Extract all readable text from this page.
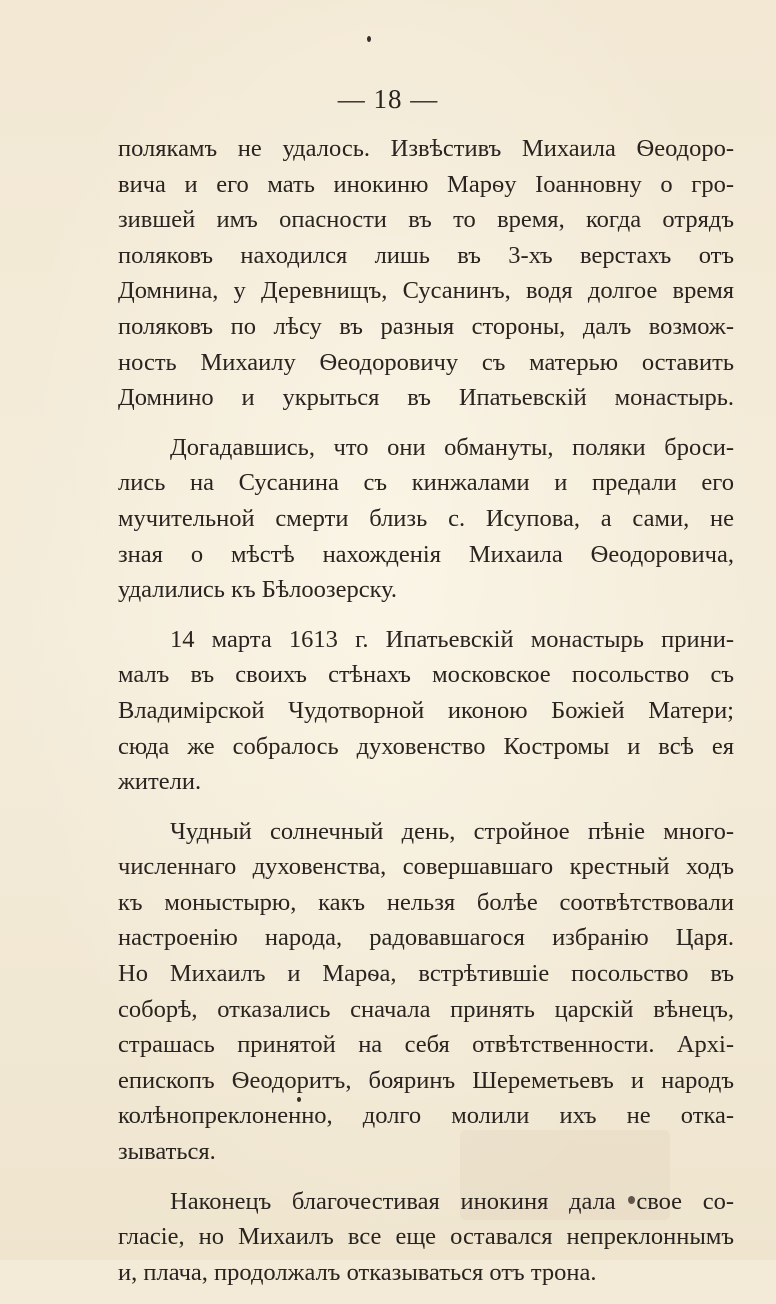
— 18 —

полякамъ не удалось. Извѣстивъ Михаила Ѳеодоро-
вича и его мать инокиню Марѳу Іоанновну о гро-
зившей имъ опасности въ то время, когда отрядъ
поляковъ находился лишь въ 3-хъ верстахъ отъ
Домнина, у Деревнищъ, Сусанинъ, водя долгое время
поляковъ по лѣсу въ разныя стороны, далъ возмож-
ность Михаилу Ѳеодоровичу съ матерью оставить
Домнино и укрыться въ Ипатьевскій монастырь.

Догадавшись, что они обмануты, поляки броси-
лись на Сусанина съ кинжалами и предали его
мучительной смерти близь с. Исупова, а сами, не
зная о мѣстѣ нахожденія Михаила Ѳеодоровича,
удалились къ Бѣлоозерску.

14 марта 1613 г. Ипатьевскій монастырь прини-
малъ въ своихъ стѣнахъ московское посольство съ
Владимірской Чудотворной иконою Божіей Матери;
сюда же собралось духовенство Костромы и всѣ ея
жители.

Чудный солнечный день, стройное пѣніе много-
численнаго духовенства, совершавшаго крестный ходъ
къ моныстырю, какъ нельзя болѣе соотвѣтствовали
настроенію народа, радовавшагося избранію Царя.
Но Михаилъ и Марѳа, встрѣтившіе посольство въ
соборѣ, отказались сначала принять царскій вѣнецъ,
страшась принятой на себя отвѣтственности. Архі-
епископъ Ѳеодоритъ, бояринъ Шереметьевъ и народъ
колѣнопреклоненно, долго молили ихъ не отка-
зываться.

Наконецъ благочестивая инокиня дала свое со-
гласіе, но Михаилъ все еще оставался непреклоннымъ
и, плача, продолжалъ отказываться отъ трона.
